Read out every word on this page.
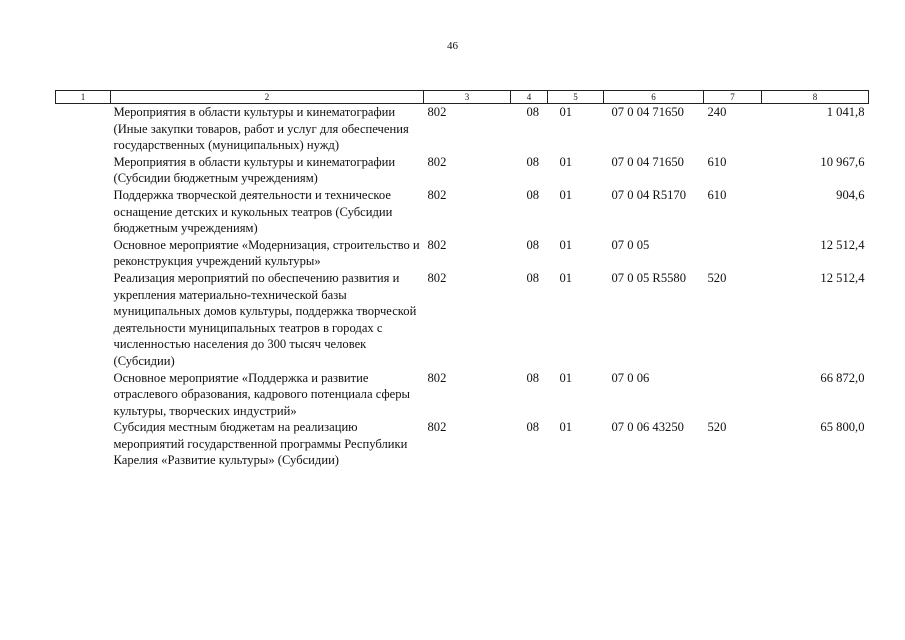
46
1	2	3	4	5	6	7	8
	Мероприятия в области культуры и кинематографии (Иные закупки товаров, работ и услуг для обеспечения государственных (муниципальных) нужд)	802	08	01	07 0 04 71650	240	1 041,8
	Мероприятия в области культуры и кинематографии (Субсидии бюджетным учреждениям)	802	08	01	07 0 04 71650	610	10 967,6
	Поддержка творческой деятельности и техническое оснащение детских и кукольных театров (Субсидии бюджетным учреждениям)	802	08	01	07 0 04 R5170	610	904,6
	Основное мероприятие «Модернизация, строительство и реконструкция учреждений культуры»	802	08	01	07 0 05		12 512,4
	Реализация мероприятий по обеспечению развития и укрепления материально-технической базы муниципальных домов культуры, поддержка творческой деятельности муниципальных театров в городах с численностью населения до 300 тысяч человек (Субсидии)	802	08	01	07 0 05 R5580	520	12 512,4
	Основное мероприятие «Поддержка и развитие отраслевого образования, кадрового потенциала сферы культуры, творческих индустрий»	802	08	01	07 0 06		66 872,0
	Субсидия местным бюджетам на реализацию мероприятий государственной программы Республики Карелия «Развитие культуры» (Субсидии)	802	08	01	07 0 06 43250	520	65 800,0
